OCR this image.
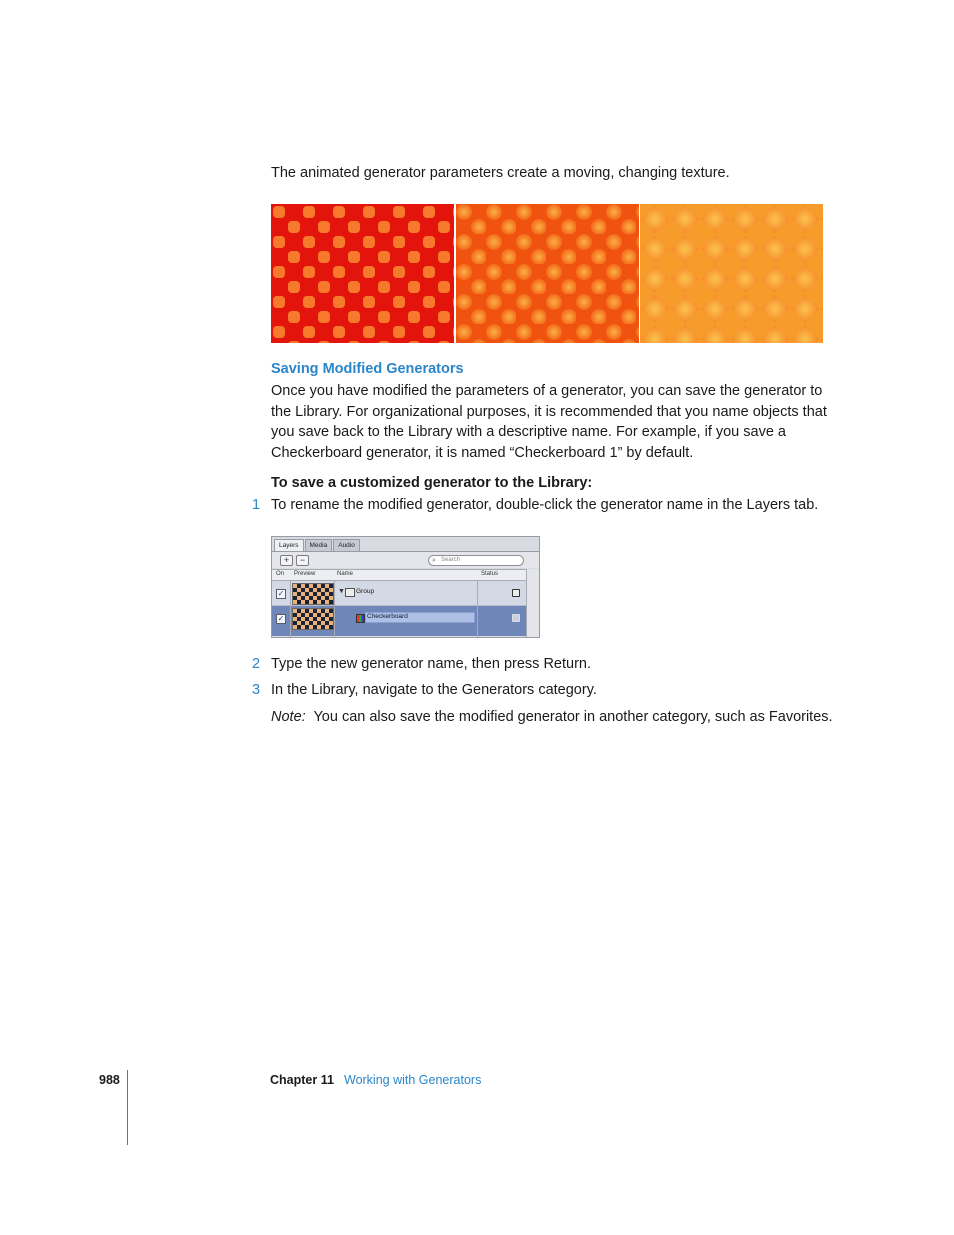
The animated generator parameters create a moving, changing texture.

Saving Modified Generators

Once you have modified the parameters of a generator, you can save the generator to the Library. For organizational purposes, it is recommended that you name objects that you save back to the Library with a descriptive name. For example, if you save a Checkerboard generator, it is named “Checkerboard 1” by default.

To save a customized generator to the Library:
1 To rename the modified generator, double-click the generator name in the Layers tab.
Layers	Media	Audio
+	−	⌕ Search
On Preview	Name	Status
✓	▼ Group
✓	Checkerboard
2 Type the new generator name, then press Return.
3 In the Library, navigate to the Generators category.

Note: You can also save the modified generator in another category, such as Favorites.

988	Chapter 11 Working with Generators
